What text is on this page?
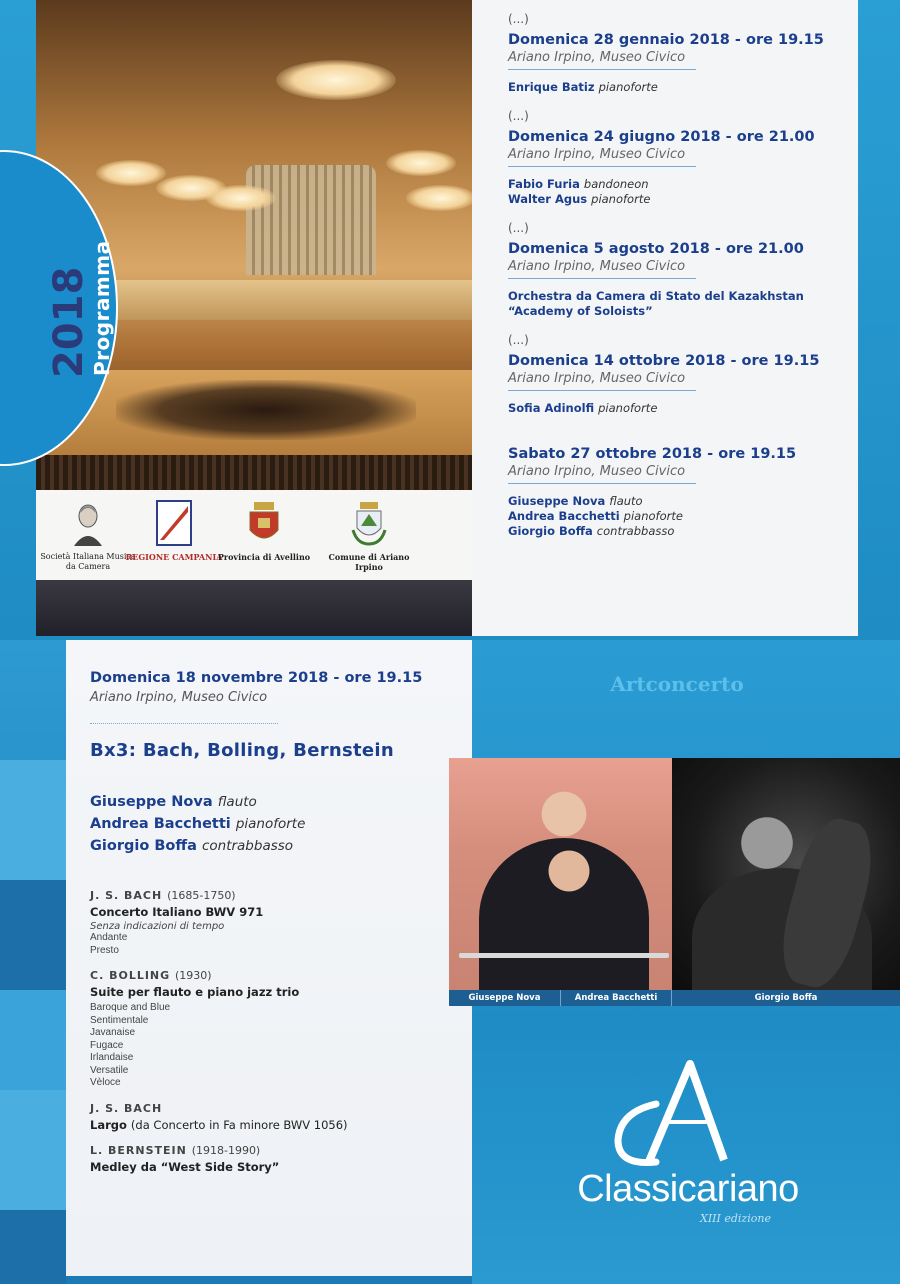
2018
Programma
Società Italiana Musica da Camera
REGIONE CAMPANIA
Provincia di Avellino	Comune di Ariano Irpino
(...)
Domenica 28 gennaio 2018 - ore 19.15
Ariano Irpino, Museo Civico
Enrique Batiz pianoforte
(...)
Domenica 24 giugno 2018 - ore 21.00
Ariano Irpino, Museo Civico
Fabio Furia bandoneon
Walter Agus pianoforte
(...)
Domenica 5 agosto 2018 - ore 21.00
Ariano Irpino, Museo Civico
Orchestra da Camera di Stato del Kazakhstan
“Academy of Soloists”
(...)
Domenica 14 ottobre 2018 - ore 19.15
Ariano Irpino, Museo Civico
Sofia Adinolfi pianoforte
Sabato 27 ottobre 2018 - ore 19.15
Ariano Irpino, Museo Civico
Giuseppe Nova flauto
Andrea Bacchetti pianoforte
Giorgio Boffa contrabbasso
Domenica 18 novembre 2018 - ore 19.15
Ariano Irpino, Museo Civico
Bx3: Bach, Bolling, Bernstein
Giuseppe Nova flauto
Andrea Bacchetti pianoforte
Giorgio Boffa contrabbasso
J. S. BACH (1685-1750)
Concerto Italiano BWV 971
Senza indicazioni di tempo
Andante
Presto
C. BOLLING (1930)
Suite per flauto e piano jazz trio
Baroque and Blue
Sentimentale
Javanaise
Fugace
Irlandaise
Versatile
Vèloce
J. S. BACH
Largo (da Concerto in Fa minore BWV 1056)
L. BERNSTEIN (1918-1990)
Medley da “West Side Story”
Artconcerto
Giuseppe Nova	Andrea Bacchetti	Giorgio Boffa
Classicariano
XIII edizione
